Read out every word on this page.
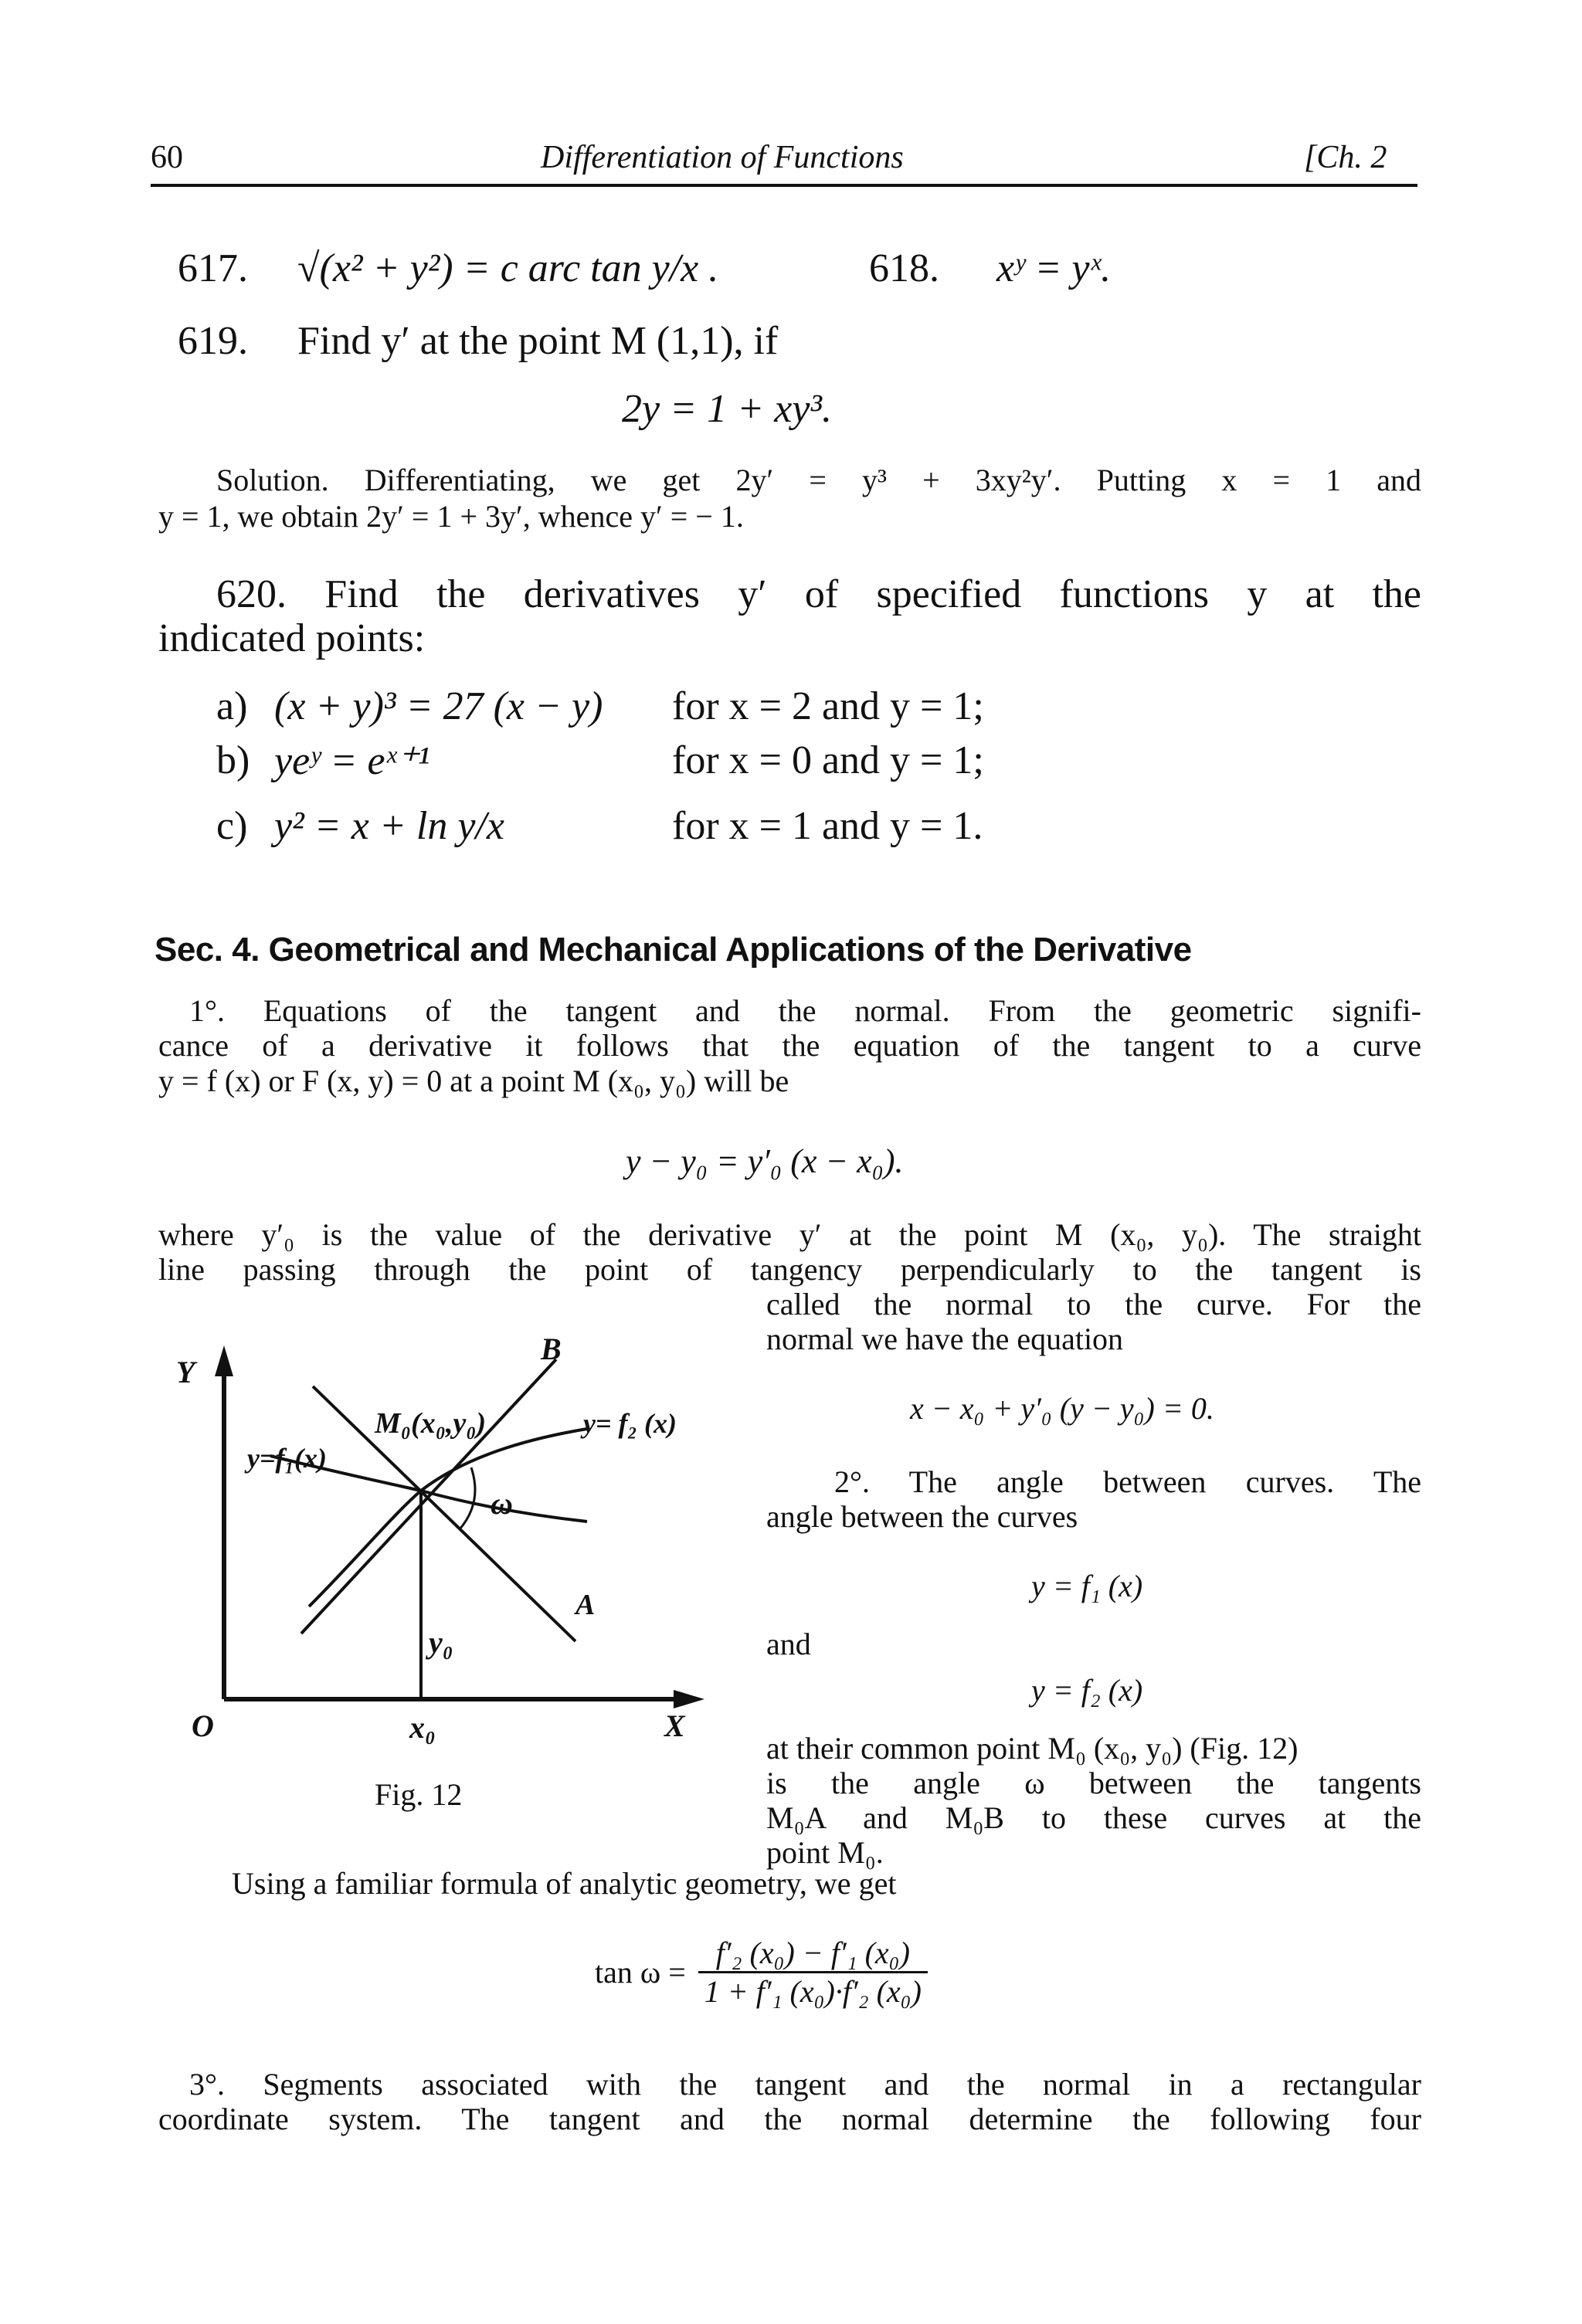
60	Differentiation of Functions	[Ch. 2
617. √(x² + y²) = c arc tan y/x .	618. xʸ = yˣ.
619. Find y′ at the point M (1,1), if
2y = 1 + xy³.
Solution. Differentiating, we get 2y′ = y³ + 3xy²y′. Putting x = 1 and
y = 1, we obtain 2y′ = 1 + 3y′, whence y′ = − 1.
620. Find the derivatives y′ of specified functions y at the
indicated points:
a) (x + y)³ = 27 (x − y) for x = 2 and y = 1;
b) yeʸ = eˣ⁺¹	for x = 0 and y = 1;
c) y² = x + ln y/x	for x = 1 and y = 1.
Sec. 4. Geometrical and Mechanical Applications of the Derivative
1°. Equations of the tangent and the normal. From the geometric signifi-
cance of a derivative it follows that the equation of the tangent to a curve
y = f (x) or F (x, y) = 0 at a point M (x₀, y₀) will be
y − y₀ = y′₀ (x − x₀).
where y′₀ is the value of the derivative y′ at the point M (x₀, y₀). The straight
line passing through the point of tangency perpendicularly to the tangent is
called the normal to the curve. For the
normal we have the equation
x − x₀ + y′₀ (y − y₀) = 0.
2°. The angle between curves. The
angle between the curves
y = f₁ (x)
and
y = f₂ (x)
at their common point M₀ (x₀, y₀) (Fig. 12)
is the angle ω between the tangents
M₀A and M₀B to these curves at the
point M₀.
Using a familiar formula of analytic geometry, we get
$\tan \omega = \frac{\text{f′₂ (x₀) − f′₁ (x₀)}}{\text{1 + f′₁ (x₀)·f′₂ (x₀)}}$
3°. Segments associated with the tangent and the normal in a rectangular
coordinate system. The tangent and the normal determine the following four
Y
O	X
x₀
y₀
B
A
M₀(x₀,y₀)
y=f₁(x)
y= f₂ (x)
ω
Fig. 12
